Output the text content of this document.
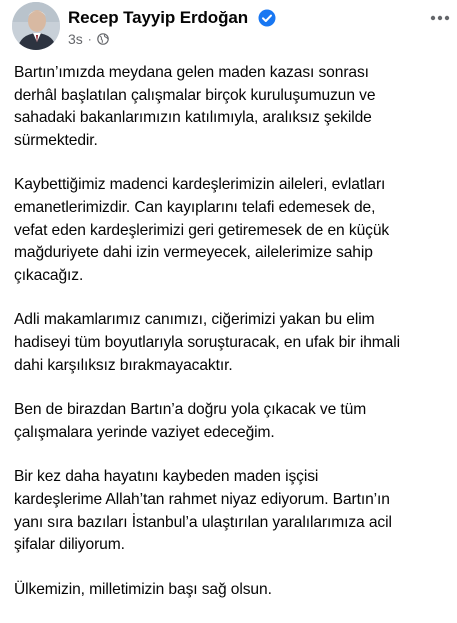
Recep Tayyip Erdoğan
3s ·

Bartın’ımızda meydana gelen maden kazası sonrası
derhâl başlatılan çalışmalar birçok kuruluşumuzun ve
sahadaki bakanlarımızın katılımıyla, aralıksız şekilde
sürmektedir.

Kaybettiğimiz madenci kardeşlerimizin aileleri, evlatları
emanetlerimizdir. Can kayıplarını telafi edemesek de,
vefat eden kardeşlerimizi geri getiremesek de en küçük
mağduriyete dahi izin vermeyecek, ailelerimize sahip
çıkacağız.

Adli makamlarımız canımızı, ciğerimizi yakan bu elim
hadiseyi tüm boyutlarıyla soruşturacak, en ufak bir ihmali
dahi karşılıksız bırakmayacaktır.

Ben de birazdan Bartın’a doğru yola çıkacak ve tüm
çalışmalara yerinde vaziyet edeceğim.

Bir kez daha hayatını kaybeden maden işçisi
kardeşlerime Allah’tan rahmet niyaz ediyorum. Bartın’ın
yanı sıra bazıları İstanbul’a ulaştırılan yaralılarımıza acil
şifalar diliyorum.

Ülkemizin, milletimizin başı sağ olsun.
